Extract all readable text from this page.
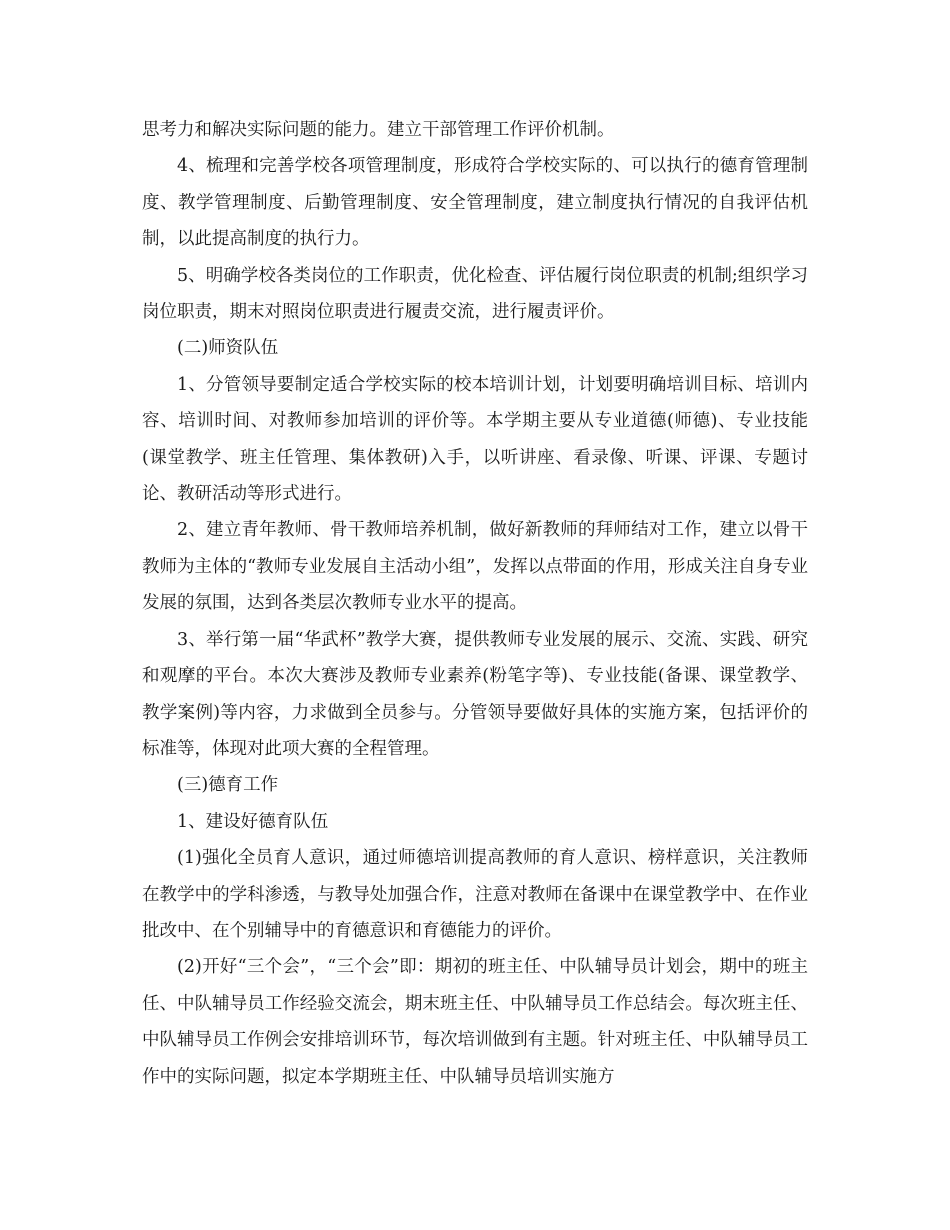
思考力和解决实际问题的能力。建立干部管理工作评价机制。

4、梳理和完善学校各项管理制度，形成符合学校实际的、可以执行的德育管理制度、教学管理制度、后勤管理制度、安全管理制度，建立制度执行情况的自我评估机制，以此提高制度的执行力。

5、明确学校各类岗位的工作职责，优化检查、评估履行岗位职责的机制;组织学习岗位职责，期末对照岗位职责进行履责交流，进行履责评价。

(二)师资队伍

1、分管领导要制定适合学校实际的校本培训计划，计划要明确培训目标、培训内容、培训时间、对教师参加培训的评价等。本学期主要从专业道德(师德)、专业技能(课堂教学、班主任管理、集体教研)入手，以听讲座、看录像、听课、评课、专题讨论、教研活动等形式进行。

2、建立青年教师、骨干教师培养机制，做好新教师的拜师结对工作，建立以骨干教师为主体的“教师专业发展自主活动小组”，发挥以点带面的作用，形成关注自身专业发展的氛围，达到各类层次教师专业水平的提高。

3、举行第一届“华武杯”教学大赛，提供教师专业发展的展示、交流、实践、研究和观摩的平台。本次大赛涉及教师专业素养(粉笔字等)、专业技能(备课、课堂教学、教学案例)等内容，力求做到全员参与。分管领导要做好具体的实施方案，包括评价的标准等，体现对此项大赛的全程管理。

(三)德育工作

1、建设好德育队伍

(1)强化全员育人意识，通过师德培训提高教师的育人意识、榜样意识，关注教师在教学中的学科渗透，与教导处加强合作，注意对教师在备课中在课堂教学中、在作业批改中、在个别辅导中的育德意识和育德能力的评价。

(2)开好“三个会”，“三个会”即：期初的班主任、中队辅导员计划会，期中的班主任、中队辅导员工作经验交流会，期末班主任、中队辅导员工作总结会。每次班主任、中队辅导员工作例会安排培训环节，每次培训做到有主题。针对班主任、中队辅导员工作中的实际问题，拟定本学期班主任、中队辅导员培训实施方
